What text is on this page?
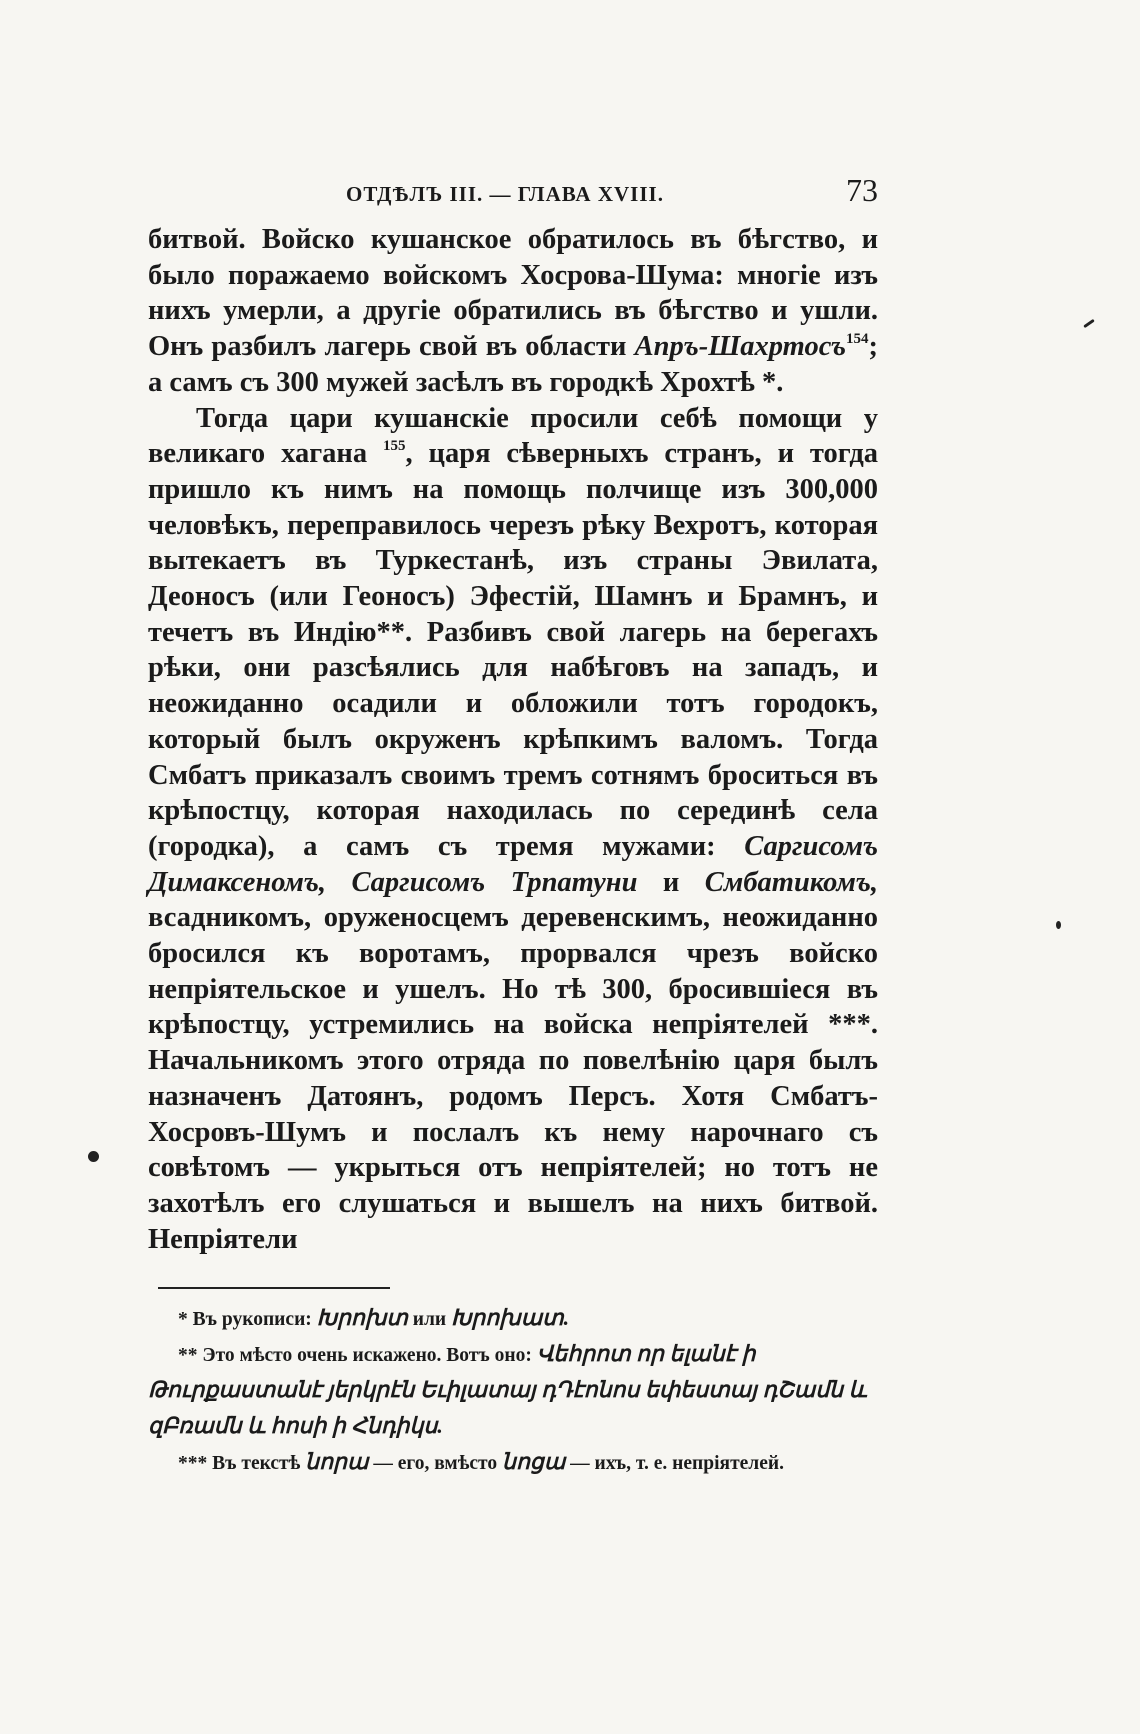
ОТДѢЛЪ III. — ГЛАВА XVIII.	73

битвой. Войско кушанское обратилось въ бѣгство, и было поражаемо войскомъ Хосрова-Шума: многіе изъ нихъ умерли, а другіе обратились въ бѣгство и ушли. Онъ разбилъ лагерь свой въ области Апръ-Шахртосъ$^{154}$; а самъ съ 300 мужей засѣлъ въ городкѣ Хрохтѣ *.

Тогда цари кушанскіе просили себѣ помощи у великаго хагана $^{155}$, царя сѣверныхъ странъ, и тогда пришло къ нимъ на помощь полчище изъ 300,000 человѣкъ, переправилось черезъ рѣку Вехротъ, которая вытекаетъ въ Туркестанѣ, изъ страны Эвилата, Деоносъ (или Геоносъ) Эфестій, Шамнъ и Брамнъ, и течетъ въ Индію**. Разбивъ свой лагерь на берегахъ рѣки, они разсѣялись для набѣговъ на западъ, и неожиданно осадили и обложили тотъ городокъ, который былъ окруженъ крѣпкимъ валомъ. Тогда Смбатъ приказалъ своимъ тремъ сотнямъ броситься въ крѣпостцу, которая находилась по серединѣ села (городка), а самъ съ тремя мужами: Саргисомъ Димаксеномъ, Саргисомъ Трпатуни и Смбатикомъ, всадникомъ, оруженосцемъ деревенскимъ, неожиданно бросился къ воротамъ, прорвался чрезъ войско непріятельское и ушелъ. Но тѣ 300, бросившіеся въ крѣпостцу, устремились на войска непріятелей ***. Начальникомъ этого отряда по повелѣнію царя былъ назначенъ Датоянъ, родомъ Персъ. Хотя Смбатъ-Хосровъ-Шумъ и послалъ къ нему нарочнаго съ совѣтомъ — укрыться отъ непріятелей; но тотъ не захотѣлъ его слушаться и вышелъ на нихъ битвой. Непріятели

* Въ рукописи: Խրոխտ или Խրոխատ.

** Это мѣсто очень искажено. Вотъ оно: Վեհրոտ որ ելանէ ի Թուրքաստանէ յերկրէն Եւիլատայ դԴէոնոս եփեստայ դՇամն և զԲռամն և հոսի ի Հնդիկս.

*** Въ текстѣ նորա — его, вмѣсто նոցա — ихъ, т. е. непріятелей.
